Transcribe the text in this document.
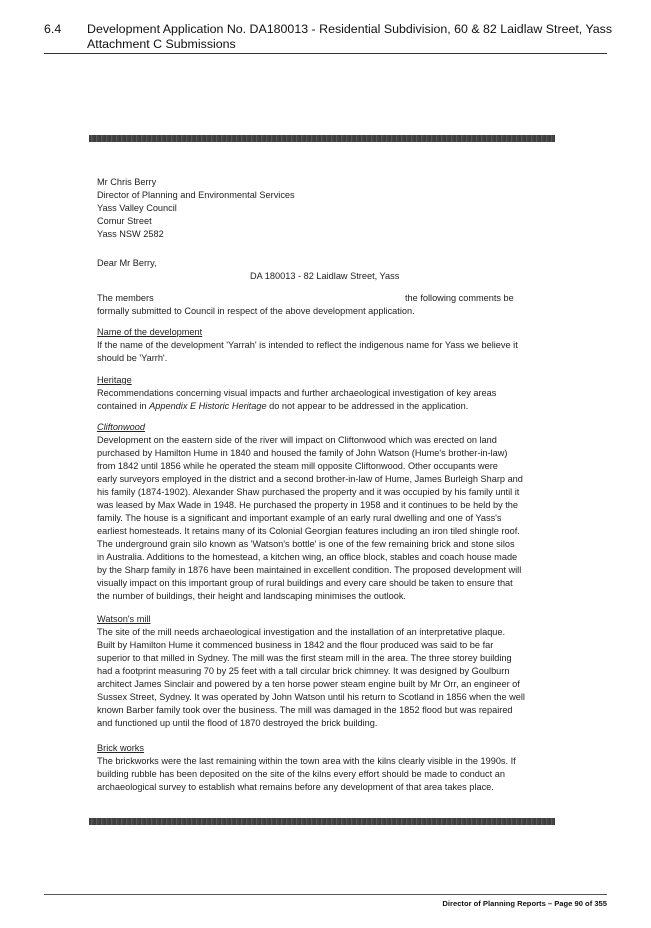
6.4 Development Application No. DA180013 - Residential Subdivision, 60 & 82 Laidlaw Street, Yass
Attachment C Submissions
Mr Chris Berry
Director of Planning and Environmental Services
Yass Valley Council
Comur Street
Yass NSW 2582
Dear Mr Berry,
DA 180013 - 82 Laidlaw Street, Yass
The members	the following comments be
formally submitted to Council in respect of the above development application.
Name of the development
If the name of the development 'Yarrah' is intended to reflect the indigenous name for Yass we believe it
should be 'Yarrh'.
Heritage
Recommendations concerning visual impacts and further archaeological investigation of key areas
contained in Appendix E Historic Heritage do not appear to be addressed in the application.
Cliftonwood
Development on the eastern side of the river will impact on Cliftonwood which was erected on land
purchased by Hamilton Hume in 1840 and housed the family of John Watson (Hume's brother-in-law)
from 1842 until 1856 while he operated the steam mill opposite Cliftonwood. Other occupants were
early surveyors employed in the district and a second brother-in-law of Hume, James Burleigh Sharp and
his family (1874-1902). Alexander Shaw purchased the property and it was occupied by his family until it
was leased by Max Wade in 1948. He purchased the property in 1958 and it continues to be held by the
family. The house is a significant and important example of an early rural dwelling and one of Yass's
earliest homesteads. It retains many of its Colonial Georgian features including an iron tiled shingle roof.
The underground grain silo known as 'Watson's bottle' is one of the few remaining brick and stone silos
in Australia. Additions to the homestead, a kitchen wing, an office block, stables and coach house made
by the Sharp family in 1876 have been maintained in excellent condition. The proposed development will
visually impact on this important group of rural buildings and every care should be taken to ensure that
the number of buildings, their height and landscaping minimises the outlook.
Watson's mill
The site of the mill needs archaeological investigation and the installation of an interpretative plaque.
Built by Hamilton Hume it commenced business in 1842 and the flour produced was said to be far
superior to that milled in Sydney. The mill was the first steam mill in the area. The three storey building
had a footprint measuring 70 by 25 feet with a tall circular brick chimney. It was designed by Goulburn
architect James Sinclair and powered by a ten horse power steam engine built by Mr Orr, an engineer of
Sussex Street, Sydney. It was operated by John Watson until his return to Scotland in 1856 when the well
known Barber family took over the business. The mill was damaged in the 1852 flood but was repaired
and functioned up until the flood of 1870 destroyed the brick building.
Brick works
The brickworks were the last remaining within the town area with the kilns clearly visible in the 1990s. If
building rubble has been deposited on the site of the kilns every effort should be made to conduct an
archaeological survey to establish what remains before any development of that area takes place.
Director of Planning Reports – Page 90 of 355
